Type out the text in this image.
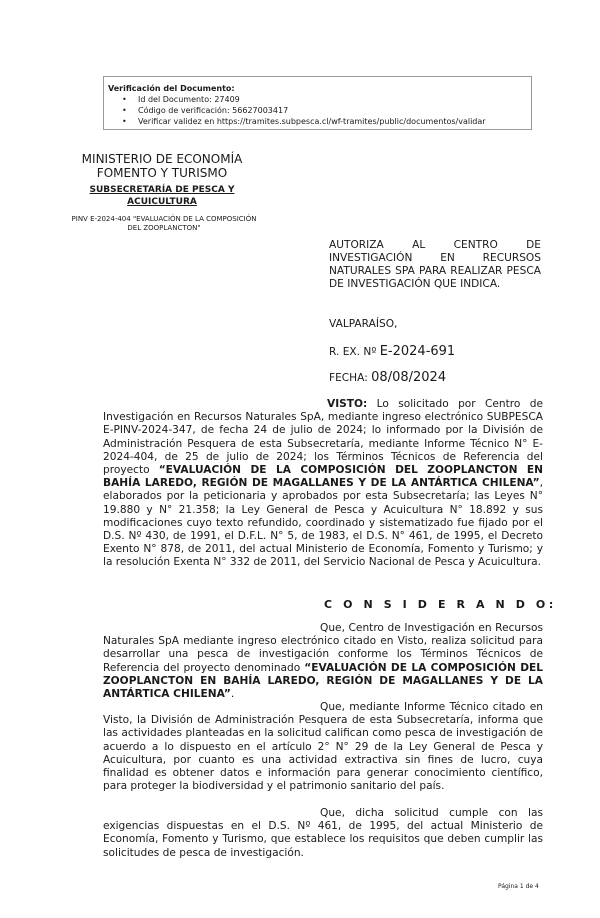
Verificación del Documento:
• Id del Documento: 27409
• Código de verificación: 56627003417
• Verificar validez en https://tramites.subpesca.cl/wf-tramites/public/documentos/validar
MINISTERIO DE ECONOMÍA
FOMENTO Y TURISMO
SUBSECRETARÍA DE PESCA Y
ACUICULTURA
PINV E-2024-404 "EVALUACIÓN DE LA COMPOSICIÓN
DEL ZOOPLANCTON"
AUTORIZA AL CENTRO DE INVESTIGACIÓN EN RECURSOS NATURALES SPA PARA REALIZAR PESCA DE INVESTIGACIÓN QUE INDICA.
VALPARAÍSO,
R. EX. Nº E-2024-691
FECHA: 08/08/2024
VISTO: Lo solicitado por Centro de Investigación en Recursos Naturales SpA, mediante ingreso electrónico SUBPESCA E-PINV-2024-347, de fecha 24 de julio de 2024; lo informado por la División de Administración Pesquera de esta Subsecretaría, mediante Informe Técnico N° E-2024-404, de 25 de julio de 2024; los Términos Técnicos de Referencia del proyecto “EVALUACIÓN DE LA COMPOSICIÓN DEL ZOOPLANCTON EN BAHÍA LAREDO, REGIÓN DE MAGALLANES Y DE LA ANTÁRTICA CHILENA”, elaborados por la peticionaria y aprobados por esta Subsecretaría; las Leyes N° 19.880 y N° 21.358; la Ley General de Pesca y Acuicultura N° 18.892 y sus modificaciones cuyo texto refundido, coordinado y sistematizado fue fijado por el D.S. Nº 430, de 1991, el D.F.L. N° 5, de 1983, el D.S. N° 461, de 1995, el Decreto Exento N° 878, de 2011, del actual Ministerio de Economía, Fomento y Turismo; y la resolución Exenta N° 332 de 2011, del Servicio Nacional de Pesca y Acuicultura.
C O N S I D E R A N D O:
Que, Centro de Investigación en Recursos Naturales SpA mediante ingreso electrónico citado en Visto, realiza solicitud para desarrollar una pesca de investigación conforme los Términos Técnicos de Referencia del proyecto denominado “EVALUACIÓN DE LA COMPOSICIÓN DEL ZOOPLANCTON EN BAHÍA LAREDO, REGIÓN DE MAGALLANES Y DE LA ANTÁRTICA CHILENA”.
Que, mediante Informe Técnico citado en Visto, la División de Administración Pesquera de esta Subsecretaría, informa que las actividades planteadas en la solicitud califican como pesca de investigación de acuerdo a lo dispuesto en el artículo 2° N° 29 de la Ley General de Pesca y Acuicultura, por cuanto es una actividad extractiva sin fines de lucro, cuya finalidad es obtener datos e información para generar conocimiento científico, para proteger la biodiversidad y el patrimonio sanitario del país.
Que, dicha solicitud cumple con las exigencias dispuestas en el D.S. Nº 461, de 1995, del actual Ministerio de Economía, Fomento y Turismo, que establece los requisitos que deben cumplir las solicitudes de pesca de investigación.
Página 1 de 4
